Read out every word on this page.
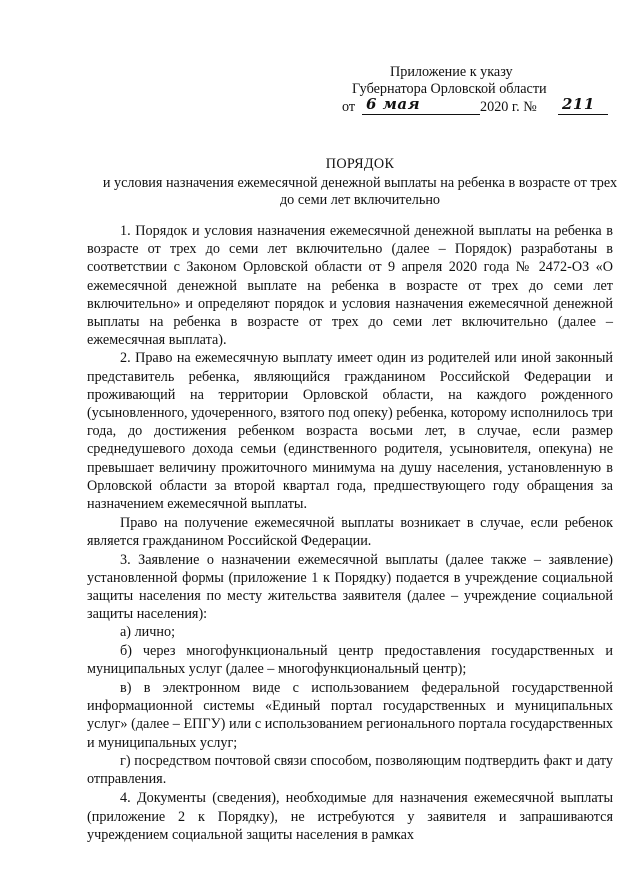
Приложение к указу
Губернатора Орловской области
от 6 мая	2020 г. № 211
ПОРЯДОК
и условия назначения ежемесячной денежной выплаты на ребенка в возрасте от трех до семи лет включительно

1. Порядок и условия назначения ежемесячной денежной выплаты на ребенка в возрасте от трех до семи лет включительно (далее – Порядок) разработаны в соответствии с Законом Орловской области от 9 апреля 2020 года № 2472-ОЗ «О ежемесячной денежной выплате на ребенка в возрасте от трех до семи лет включительно» и определяют порядок и условия назначения ежемесячной денежной выплаты на ребенка в возрасте от трех до семи лет включительно (далее – ежемесячная выплата).

2. Право на ежемесячную выплату имеет один из родителей или иной законный представитель ребенка, являющийся гражданином Российской Федерации и проживающий на территории Орловской области, на каждого рожденного (усыновленного, удочеренного, взятого под опеку) ребенка, которому исполнилось три года, до достижения ребенком возраста восьми лет, в случае, если размер среднедушевого дохода семьи (единственного родителя, усыновителя, опекуна) не превышает величину прожиточного минимума на душу населения, установленную в Орловской области за второй квартал года, предшествующего году обращения за назначением ежемесячной выплаты.

Право на получение ежемесячной выплаты возникает в случае, если ребенок является гражданином Российской Федерации.

3. Заявление о назначении ежемесячной выплаты (далее также – заявление) установленной формы (приложение 1 к Порядку) подается в учреждение социальной защиты населения по месту жительства заявителя (далее – учреждение социальной защиты населения):

а) лично;

б) через многофункциональный центр предоставления государственных и муниципальных услуг (далее – многофункциональный центр);

в) в электронном виде с использованием федеральной государственной информационной системы «Единый портал государственных и муниципальных услуг» (далее – ЕПГУ) или с использованием регионального портала государственных и муниципальных услуг;

г) посредством почтовой связи способом, позволяющим подтвердить факт и дату отправления.

4. Документы (сведения), необходимые для назначения ежемесячной выплаты (приложение 2 к Порядку), не истребуются у заявителя и запрашиваются учреждением социальной защиты населения в рамках
